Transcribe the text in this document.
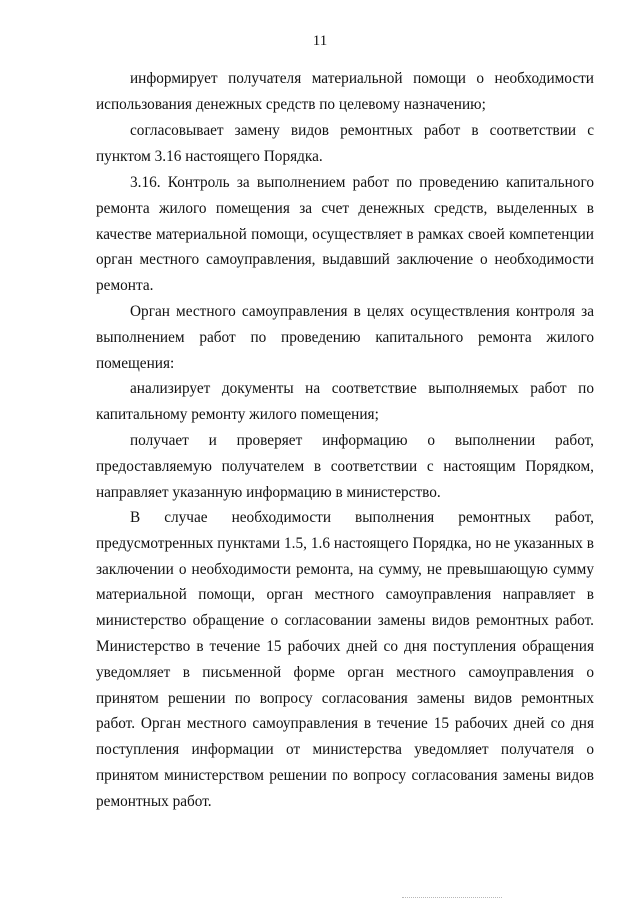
11

информирует получателя материальной помощи о необходимости использования денежных средств по целевому назначению;

согласовывает замену видов ремонтных работ в соответствии с пунктом 3.16 настоящего Порядка.

3.16. Контроль за выполнением работ по проведению капитального ремонта жилого помещения за счет денежных средств, выделенных в качестве материальной помощи, осуществляет в рамках своей компетенции орган местного самоуправления, выдавший заключение о необходимости ремонта.

Орган местного самоуправления в целях осуществления контроля за выполнением работ по проведению капитального ремонта жилого помещения:

анализирует документы на соответствие выполняемых работ по капитальному ремонту жилого помещения;

получает и проверяет информацию о выполнении работ, предоставляемую получателем в соответствии с настоящим Порядком, направляет указанную информацию в министерство.

В случае необходимости выполнения ремонтных работ, предусмотренных пунктами 1.5, 1.6 настоящего Порядка, но не указанных в заключении о необходимости ремонта, на сумму, не превышающую сумму материальной помощи, орган местного самоуправления направляет в министерство обращение о согласовании замены видов ремонтных работ. Министерство в течение 15 рабочих дней со дня поступления обращения уведомляет в письменной форме орган местного самоуправления о принятом решении по вопросу согласования замены видов ремонтных работ. Орган местного самоуправления в течение 15 рабочих дней со дня поступления информации от министерства уведомляет получателя о принятом министерством решении по вопросу согласования замены видов ремонтных работ.
